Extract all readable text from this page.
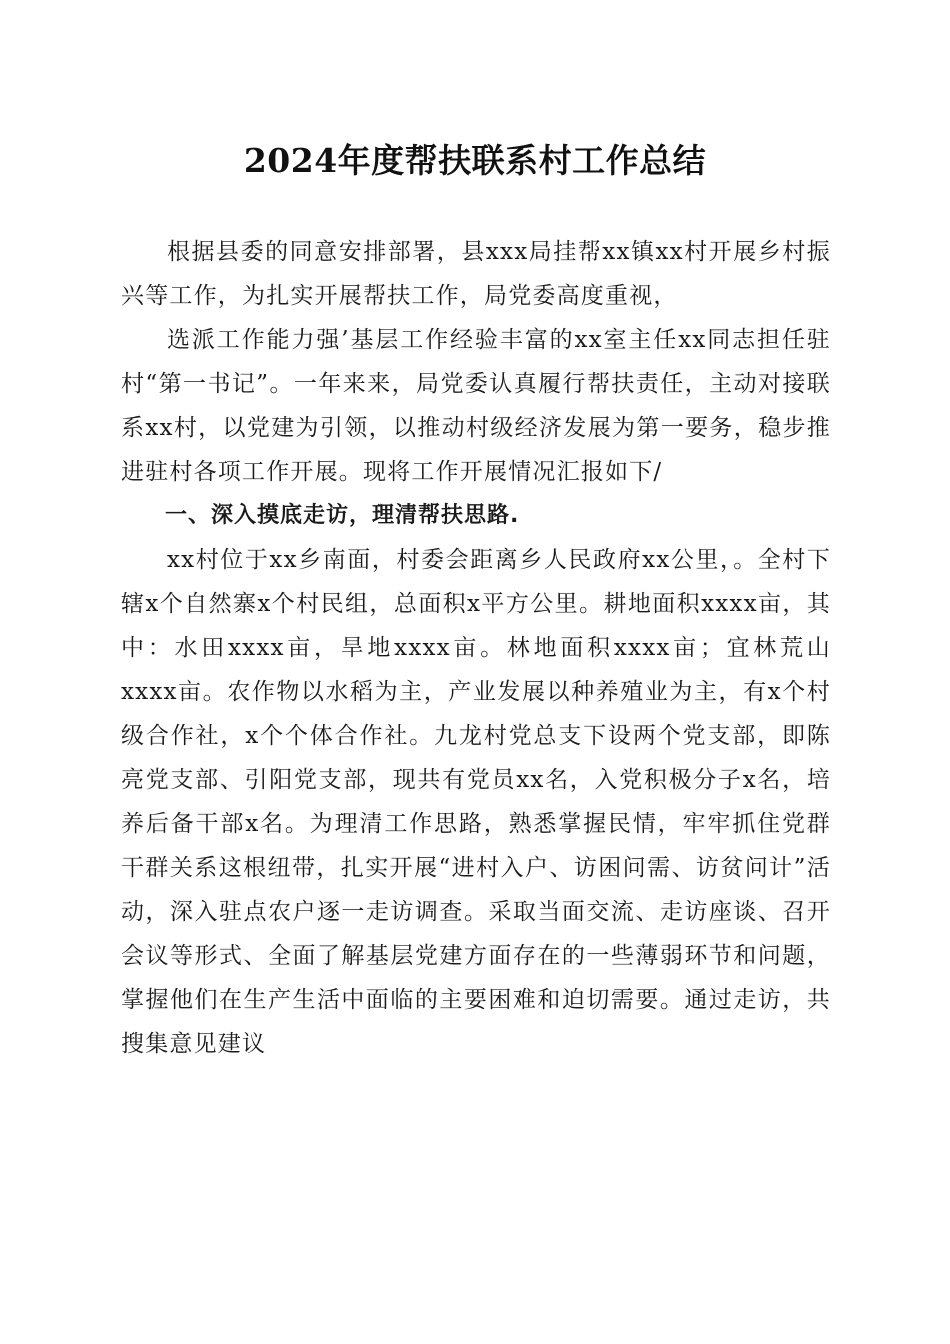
2024年度帮扶联系村工作总结

根据县委的同意安排部署，县xxx局挂帮xx镇xx村开展乡村振兴等工作，为扎实开展帮扶工作，局党委高度重视，

选派工作能力强’基层工作经验丰富的xx室主任xx同志担任驻村“第一书记”。一年来来，局党委认真履行帮扶责任，主动对接联系xx村，以党建为引领，以推动村级经济发展为第一要务，稳步推进驻村各项工作开展。现将工作开展情况汇报如下/

一、深入摸底走访，理清帮扶思路.

xx村位于xx乡南面，村委会距离乡人民政府xx公里，。全村下辖x个自然寨x个村民组，总面积x平方公里。耕地面积xxxx亩，其中：水田xxxx亩，旱地xxxx亩。林地面积xxxx亩；宜林荒山xxxx亩。农作物以水稻为主，产业发展以种养殖业为主，有x个村级合作社，x个个体合作社。九龙村党总支下设两个党支部，即陈亮党支部、引阳党支部，现共有党员xx名，入党积极分子x名，培养后备干部x名。为理清工作思路，熟悉掌握民情，牢牢抓住党群干群关系这根纽带，扎实开展“进村入户、访困问需、访贫问计”活动，深入驻点农户逐一走访调查。采取当面交流、走访座谈、召开会议等形式、全面了解基层党建方面存在的一些薄弱环节和问题，掌握他们在生产生活中面临的主要困难和迫切需要。通过走访，共搜集意见建议
